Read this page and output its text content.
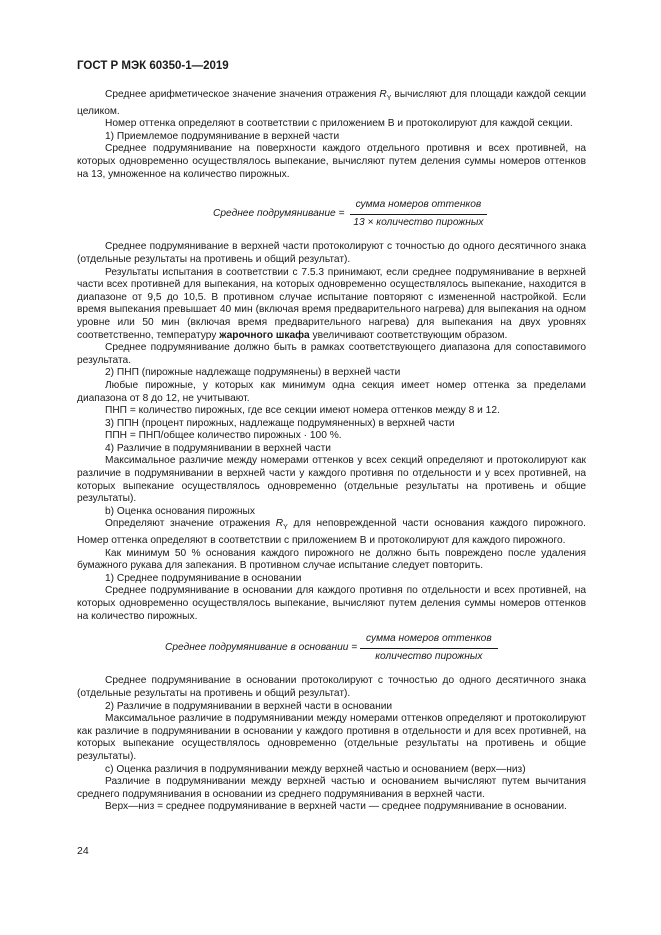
ГОСТ Р МЭК 60350-1—2019

Среднее арифметическое значение значения отражения $R_Y$ вычисляют для площади каждой секции целиком.

Номер оттенка определяют в соответствии с приложением В и протоколируют для каждой секции.

1) Приемлемое подрумянивание в верхней части

Среднее подрумянивание на поверхности каждого отдельного противня и всех противней, на которых одновременно осуществлялось выпекание, вычисляют путем деления суммы номеров оттенков на 13, умноженное на количество пирожных.

Среднее подрумянивание = $\frac{\text{сумма номеров оттенков}}{\text{13 × количество пирожных}}$

Среднее подрумянивание в верхней части протоколируют с точностью до одного десятичного знака (отдельные результаты на противень и общий результат).

Результаты испытания в соответствии с 7.5.3 принимают, если среднее подрумянивание в верхней части всех противней для выпекания, на которых одновременно осуществлялось выпекание, находится в диапазоне от 9,5 до 10,5. В противном случае испытание повторяют с измененной настройкой. Если время выпекания превышает 40 мин (включая время предварительного нагрева) для выпекания на одном уровне или 50 мин (включая время предварительного нагрева) для выпекания на двух уровнях соответственно, температуру жарочного шкафа увеличивают соответствующим образом.

Среднее подрумянивание должно быть в рамках соответствующего диапазона для сопоставимого результата.

2) ПНП (пирожные надлежаще подрумянены) в верхней части

Любые пирожные, у которых как минимум одна секция имеет номер оттенка за пределами диапазона от 8 до 12, не учитывают.

ПНП = количество пирожных, где все секции имеют номера оттенков между 8 и 12.

3) ППН (процент пирожных, надлежаще подрумяненных) в верхней части

ППН = ПНП/общее количество пирожных · 100 %.

4) Различие в подрумянивании в верхней части

Максимальное различие между номерами оттенков у всех секций определяют и протоколируют как различие в подрумянивании в верхней части у каждого противня по отдельности и у всех противней, на которых выпекание осуществлялось одновременно (отдельные результаты на противень и общие результаты).

b) Оценка основания пирожных

Определяют значение отражения $R_Y$ для неповрежденной части основания каждого пирожного. Номер оттенка определяют в соответствии с приложением В и протоколируют для каждого пирожного.

Как минимум 50 % основания каждого пирожного не должно быть повреждено после удаления бумажного рукава для запекания. В противном случае испытание следует повторить.

1) Среднее подрумянивание в основании

Среднее подрумянивание в основании для каждого противня по отдельности и всех противней, на которых одновременно осуществлялось выпекание, вычисляют путем деления суммы номеров оттенков на количество пирожных.

Среднее подрумянивание в основании = $\frac{\text{сумма номеров оттенков}}{\text{количество пирожных}}$

Среднее подрумянивание в основании протоколируют с точностью до одного десятичного знака (отдельные результаты на противень и общий результат).

2) Различие в подрумянивании в верхней части в основании

Максимальное различие в подрумянивании между номерами оттенков определяют и протоколируют как различие в подрумянивании в основании у каждого противня в отдельности и для всех противней, на которых выпекание осуществлялось одновременно (отдельные результаты на противень и общие результаты).

c) Оценка различия в подрумянивании между верхней частью и основанием (верх—низ)

Различие в подрумянивании между верхней частью и основанием вычисляют путем вычитания среднего подрумянивания в основании из среднего подрумянивания в верхней части.

Верх—низ = среднее подрумянивание в верхней части — среднее подрумянивание в основании.

24
